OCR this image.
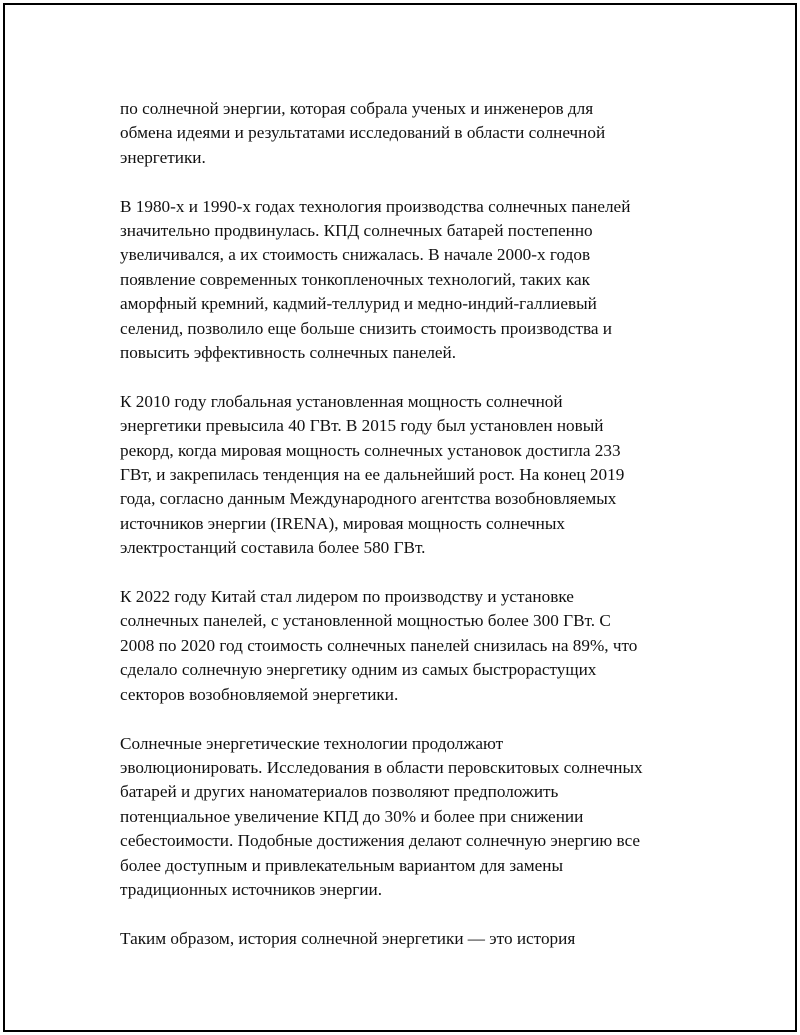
по солнечной энергии, которая собрала ученых и инженеров для
обмена идеями и результатами исследований в области солнечной
энергетики.

В 1980-х и 1990-х годах технология производства солнечных панелей
значительно продвинулась. КПД солнечных батарей постепенно
увеличивался, а их стоимость снижалась. В начале 2000-х годов
появление современных тонкопленочных технологий, таких как
аморфный кремний, кадмий-теллурид и медно-индий-галлиевый
селенид, позволило еще больше снизить стоимость производства и
повысить эффективность солнечных панелей.

К 2010 году глобальная установленная мощность солнечной
энергетики превысила 40 ГВт. В 2015 году был установлен новый
рекорд, когда мировая мощность солнечных установок достигла 233
ГВт, и закрепилась тенденция на ее дальнейший рост. На конец 2019
года, согласно данным Международного агентства возобновляемых
источников энергии (IRENA), мировая мощность солнечных
электростанций составила более 580 ГВт.

К 2022 году Китай стал лидером по производству и установке
солнечных панелей, с установленной мощностью более 300 ГВт. С
2008 по 2020 год стоимость солнечных панелей снизилась на 89%, что
сделало солнечную энергетику одним из самых быстрорастущих
секторов возобновляемой энергетики.

Солнечные энергетические технологии продолжают
эволюционировать. Исследования в области перовскитовых солнечных
батарей и других наноматериалов позволяют предположить
потенциальное увеличение КПД до 30% и более при снижении
себестоимости. Подобные достижения делают солнечную энергию все
более доступным и привлекательным вариантом для замены
традиционных источников энергии.

Таким образом, история солнечной энергетики — это история
